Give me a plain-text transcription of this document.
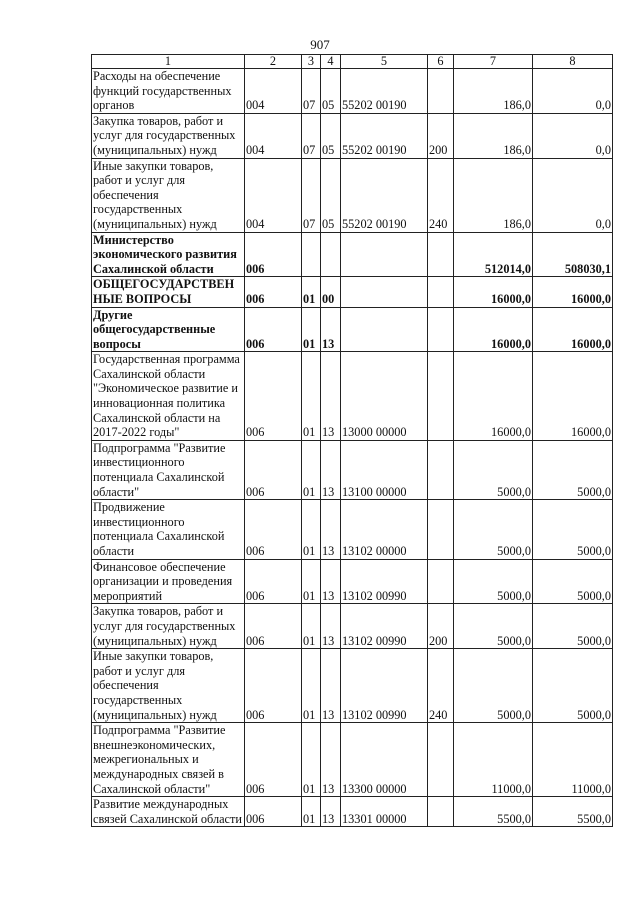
907
1	2	3	4	5	6	7	8
Расходы на обеспечение функций государственных органов	004	07	05	55202 00190		186,0	0,0
Закупка товаров, работ и услуг для государственных (муниципальных) нужд	004	07	05	55202 00190	200	186,0	0,0
Иные закупки товаров, работ и услуг для обеспечения государственных (муниципальных) нужд	004	07	05	55202 00190	240	186,0	0,0
Министерство экономического развития Сахалинской области	006					512014,0	508030,1
ОБЩЕГОСУДАРСТВЕН НЫЕ ВОПРОСЫ	006	01	00			16000,0	16000,0
Другие общегосударственные вопросы	006	01	13			16000,0	16000,0
Государственная программа Сахалинской области "Экономическое развитие и инновационная политика Сахалинской области на 2017-2022 годы"	006	01	13	13000 00000		16000,0	16000,0
Подпрограмма "Развитие инвестиционного потенциала Сахалинской области"	006	01	13	13100 00000		5000,0	5000,0
Продвижение инвестиционного потенциала Сахалинской области	006	01	13	13102 00000		5000,0	5000,0
Финансовое обеспечение организации и проведения мероприятий	006	01	13	13102 00990		5000,0	5000,0
Закупка товаров, работ и услуг для государственных (муниципальных) нужд	006	01	13	13102 00990	200	5000,0	5000,0
Иные закупки товаров, работ и услуг для обеспечения государственных (муниципальных) нужд	006	01	13	13102 00990	240	5000,0	5000,0
Подпрограмма "Развитие внешнеэкономических, межрегиональных и международных связей в Сахалинской области"	006	01	13	13300 00000		11000,0	11000,0
Развитие международных связей Сахалинской области	006	01	13	13301 00000		5500,0	5500,0
